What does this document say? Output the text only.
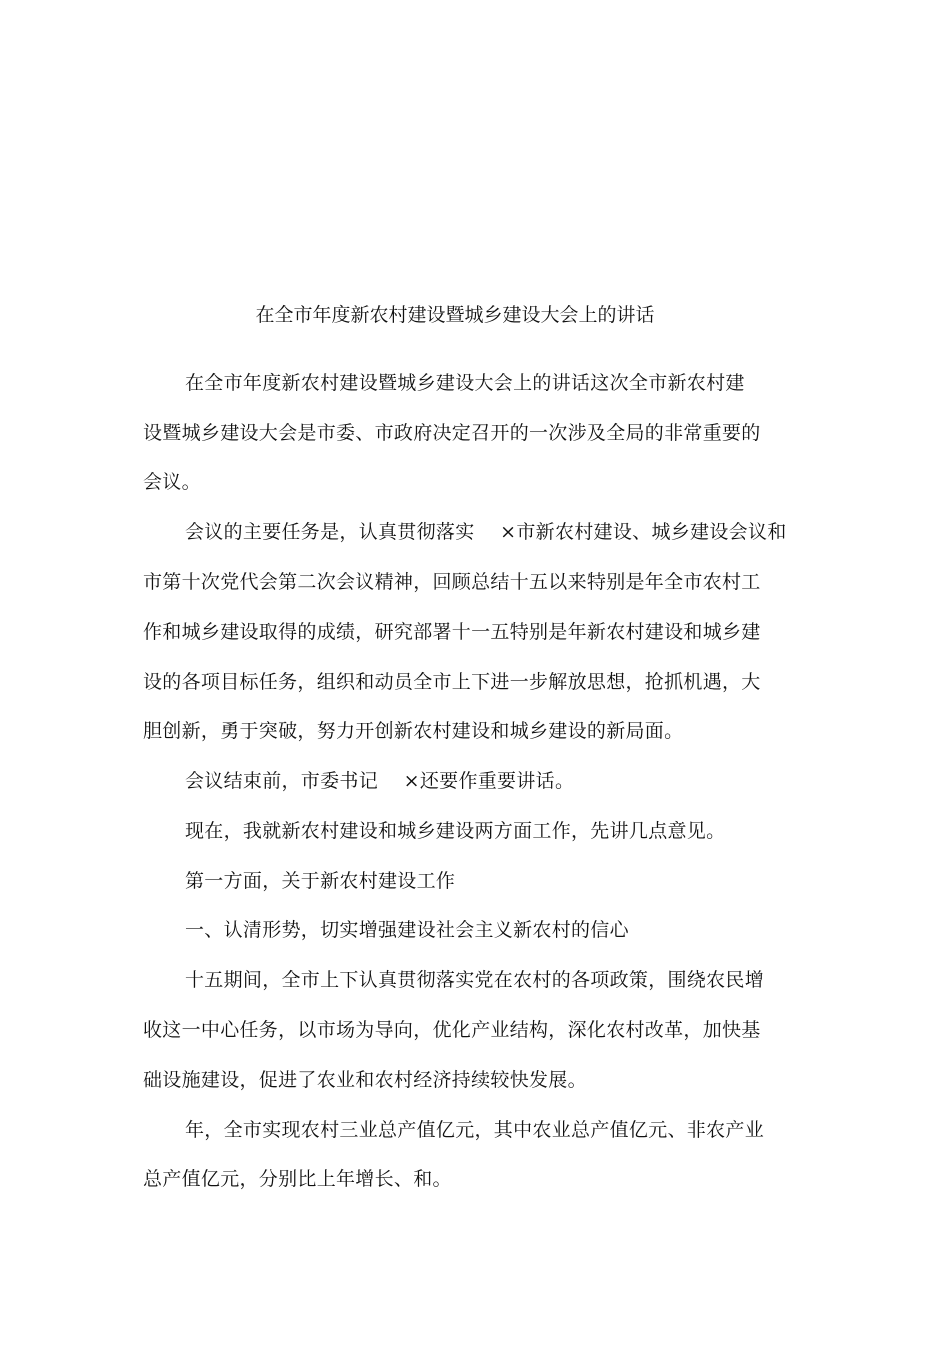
在全市年度新农村建设暨城乡建设大会上的讲话
在全市年度新农村建设暨城乡建设大会上的讲话这次全市新农村建
设暨城乡建设大会是市委、市政府决定召开的一次涉及全局的非常重要的
会议。
会议的主要任务是，认真贯彻落实　 ×市新农村建设、城乡建设会议和
市第十次党代会第二次会议精神，回顾总结十五以来特别是年全市农村工
作和城乡建设取得的成绩，研究部署十一五特别是年新农村建设和城乡建
设的各项目标任务，组织和动员全市上下进一步解放思想，抢抓机遇，大
胆创新，勇于突破，努力开创新农村建设和城乡建设的新局面。
会议结束前，市委书记　 ×还要作重要讲话。
现在，我就新农村建设和城乡建设两方面工作，先讲几点意见。
第一方面，关于新农村建设工作
一、认清形势，切实增强建设社会主义新农村的信心
十五期间，全市上下认真贯彻落实党在农村的各项政策，围绕农民增
收这一中心任务，以市场为导向，优化产业结构，深化农村改革，加快基
础设施建设，促进了农业和农村经济持续较快发展。
年，全市实现农村三业总产值亿元，其中农业总产值亿元、非农产业
总产值亿元，分别比上年增长、和。
